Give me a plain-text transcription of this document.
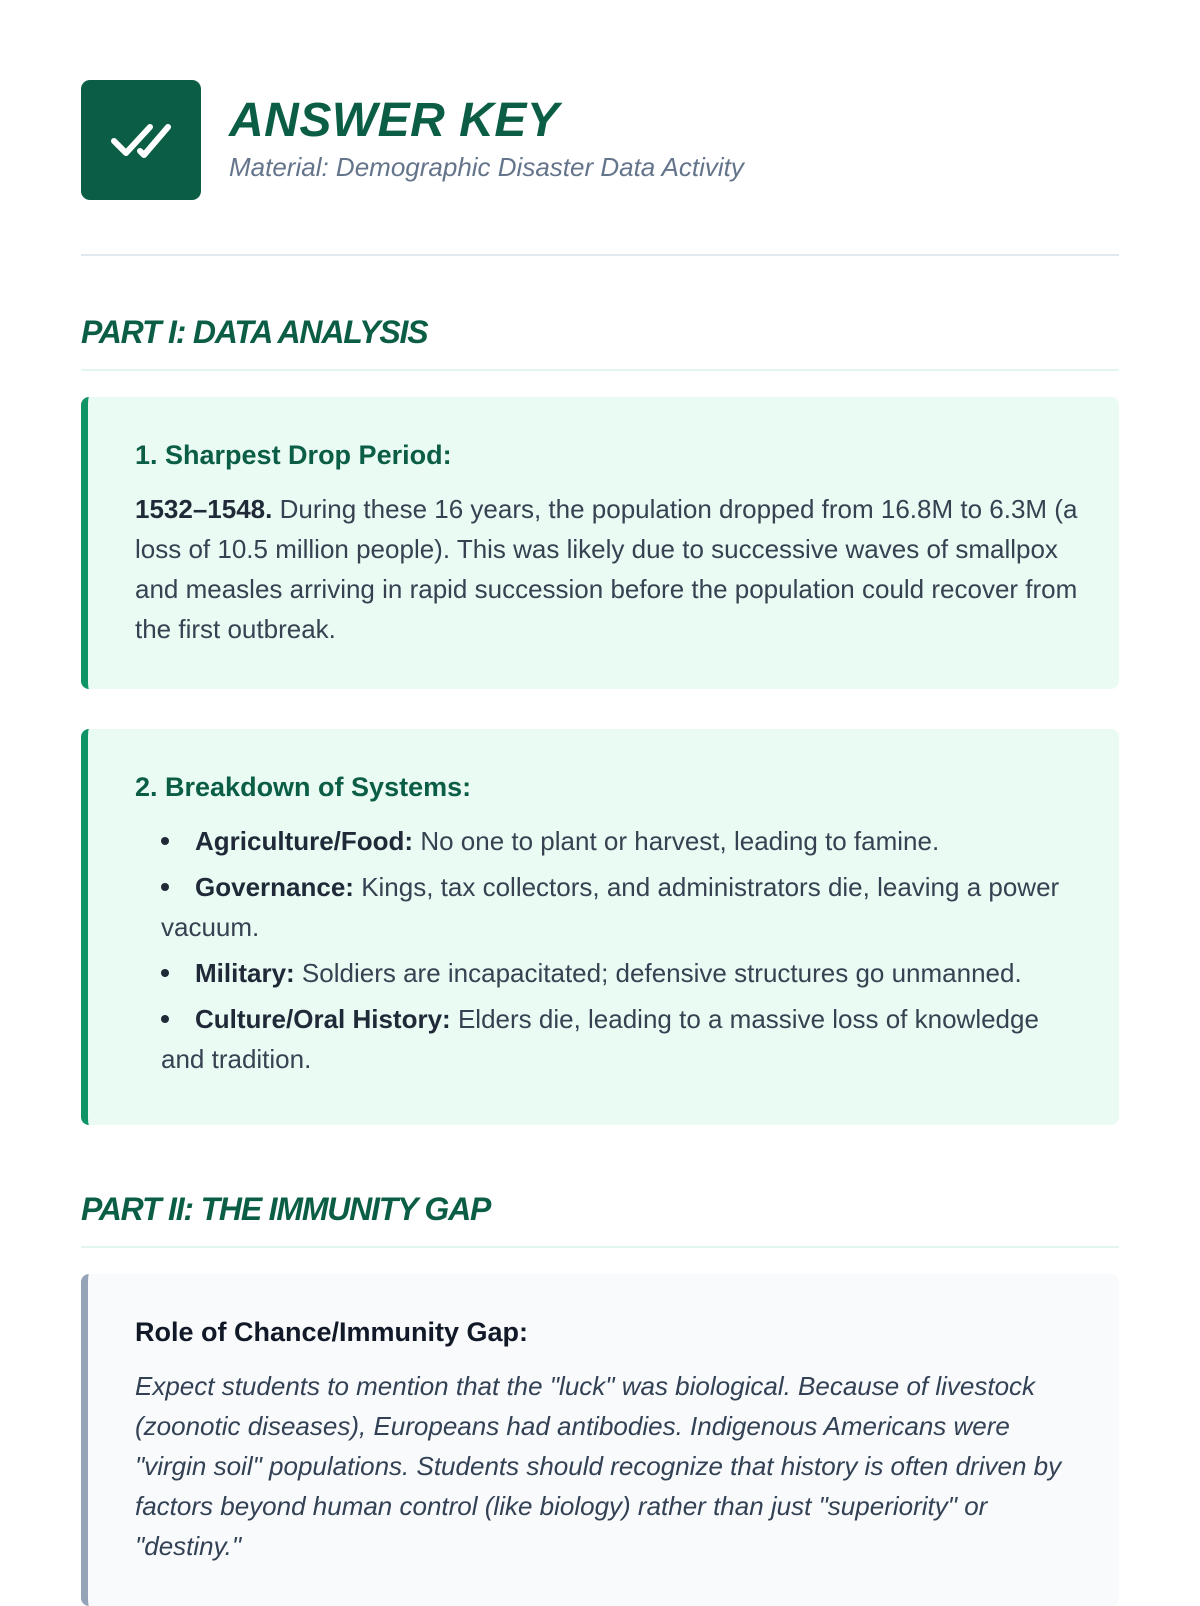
ANSWER KEY
Material: Demographic Disaster Data Activity
PART I: DATA ANALYSIS
1. Sharpest Drop Period:
1532–1548. During these 16 years, the population dropped from 16.8M to 6.3M (a loss of 10.5 million people). This was likely due to successive waves of smallpox and measles arriving in rapid succession before the population could recover from the first outbreak.
2. Breakdown of Systems:
Agriculture/Food: No one to plant or harvest, leading to famine.
Governance: Kings, tax collectors, and administrators die, leaving a power vacuum.
Military: Soldiers are incapacitated; defensive structures go unmanned.
Culture/Oral History: Elders die, leading to a massive loss of knowledge and tradition.
PART II: THE IMMUNITY GAP
Role of Chance/Immunity Gap:
Expect students to mention that the "luck" was biological. Because of livestock (zoonotic diseases), Europeans had antibodies. Indigenous Americans were "virgin soil" populations. Students should recognize that history is often driven by factors beyond human control (like biology) rather than just "superiority" or "destiny."
